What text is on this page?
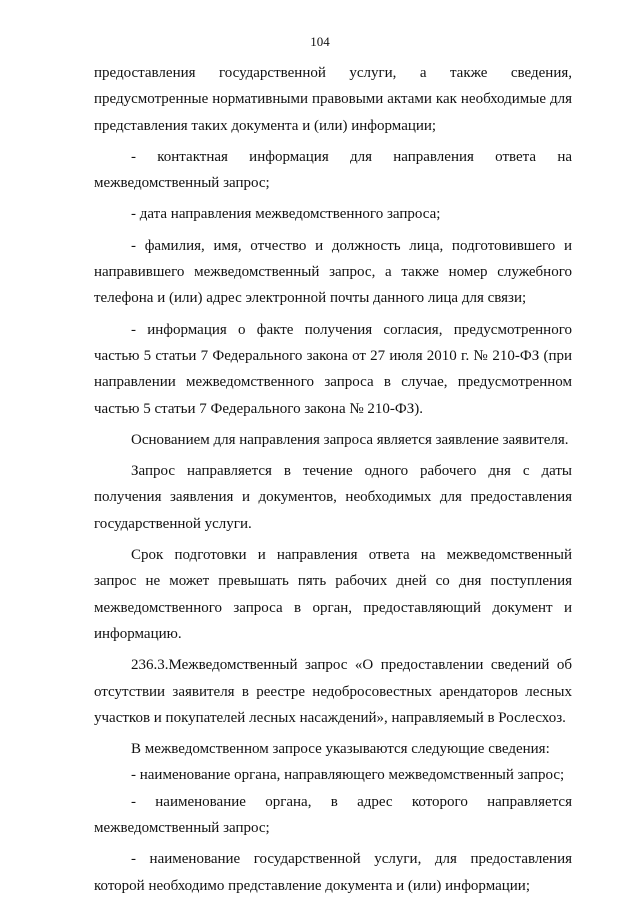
104

предоставления государственной услуги, а также сведения, предусмотренные нормативными правовыми актами как необходимые для представления таких документа и (или) информации;

- контактная информация для направления ответа на межведомственный запрос;

- дата направления межведомственного запроса;

- фамилия, имя, отчество и должность лица, подготовившего и направившего межведомственный запрос, а также номер служебного телефона и (или) адрес электронной почты данного лица для связи;

- информация о факте получения согласия, предусмотренного частью 5 статьи 7 Федерального закона от 27 июля 2010 г. № 210-ФЗ (при направлении межведомственного запроса в случае, предусмотренном частью 5 статьи 7 Федерального закона № 210-ФЗ).

Основанием для направления запроса является заявление заявителя.

Запрос направляется в течение одного рабочего дня с даты получения заявления и документов, необходимых для предоставления государственной услуги.

Срок подготовки и направления ответа на межведомственный запрос не может превышать пять рабочих дней со дня поступления межведомственного запроса в орган, предоставляющий документ и информацию.

236.3.Межведомственный запрос «О предоставлении сведений об отсутствии заявителя в реестре недобросовестных арендаторов лесных участков и покупателей лесных насаждений», направляемый в Рослесхоз.

В межведомственном запросе указываются следующие сведения:

- наименование органа, направляющего межведомственный запрос;

- наименование органа, в адрес которого направляется межведомственный запрос;

- наименование государственной услуги, для предоставления которой необходимо представление документа и (или) информации;
